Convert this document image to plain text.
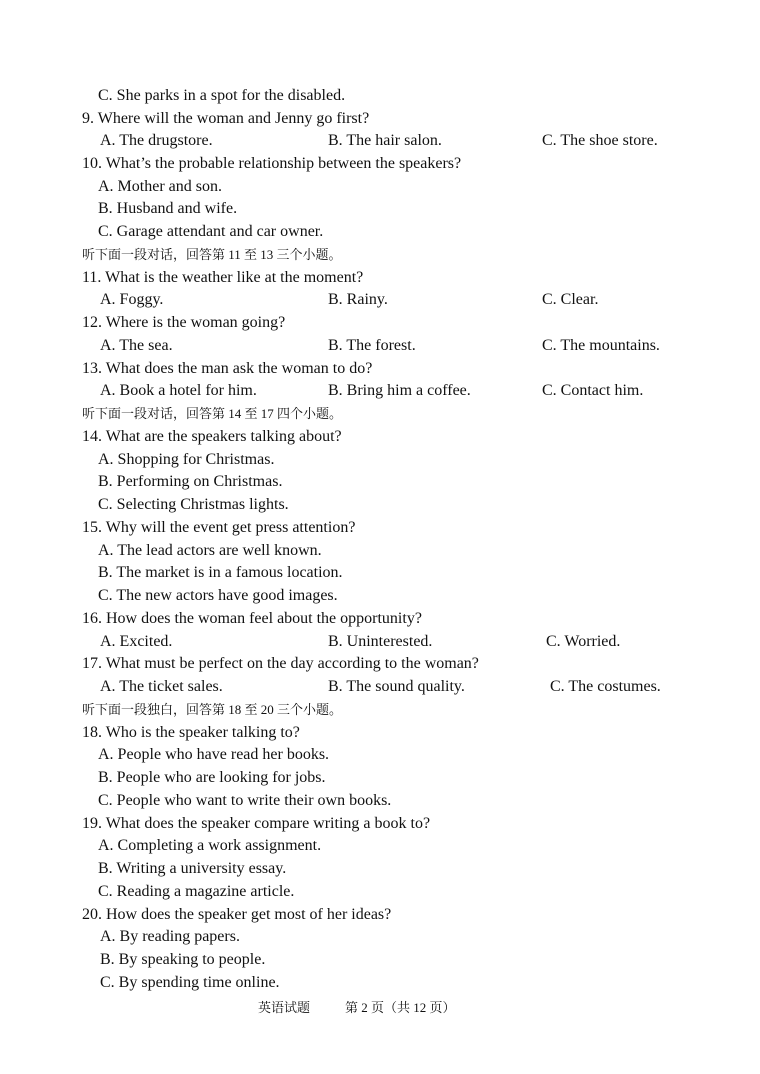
C. She parks in a spot for the disabled.
9. Where will the woman and Jenny go first?
A. The drugstore.	B. The hair salon.	C. The shoe store.
10. What’s the probable relationship between the speakers?
A. Mother and son.
B. Husband and wife.
C. Garage attendant and car owner.
听下面一段对话，回答第 11 至 13 三个小题。
11. What is the weather like at the moment?
A. Foggy.	B. Rainy.	C. Clear.
12. Where is the woman going?
A. The sea.	B. The forest.	C. The mountains.
13. What does the man ask the woman to do?
A. Book a hotel for him.	B. Bring him a coffee.	C. Contact him.
听下面一段对话，回答第 14 至 17 四个小题。
14. What are the speakers talking about?
A. Shopping for Christmas.
B. Performing on Christmas.
C. Selecting Christmas lights.
15. Why will the event get press attention?
A. The lead actors are well known.
B. The market is in a famous location.
C. The new actors have good images.
16. How does the woman feel about the opportunity?
A. Excited.	B. Uninterested.	C. Worried.
17. What must be perfect on the day according to the woman?
A. The ticket sales.	B. The sound quality.	C. The costumes.
听下面一段独白，回答第 18 至 20 三个小题。
18. Who is the speaker talking to?
A. People who have read her books.
B. People who are looking for jobs.
C. People who want to write their own books.
19. What does the speaker compare writing a book to?
A. Completing a work assignment.
B. Writing a university essay.
C. Reading a magazine article.
20. How does the speaker get most of her ideas?
A. By reading papers.
B. By speaking to people.
C. By spending time online.
英语试题	第 2 页（共 12 页）
